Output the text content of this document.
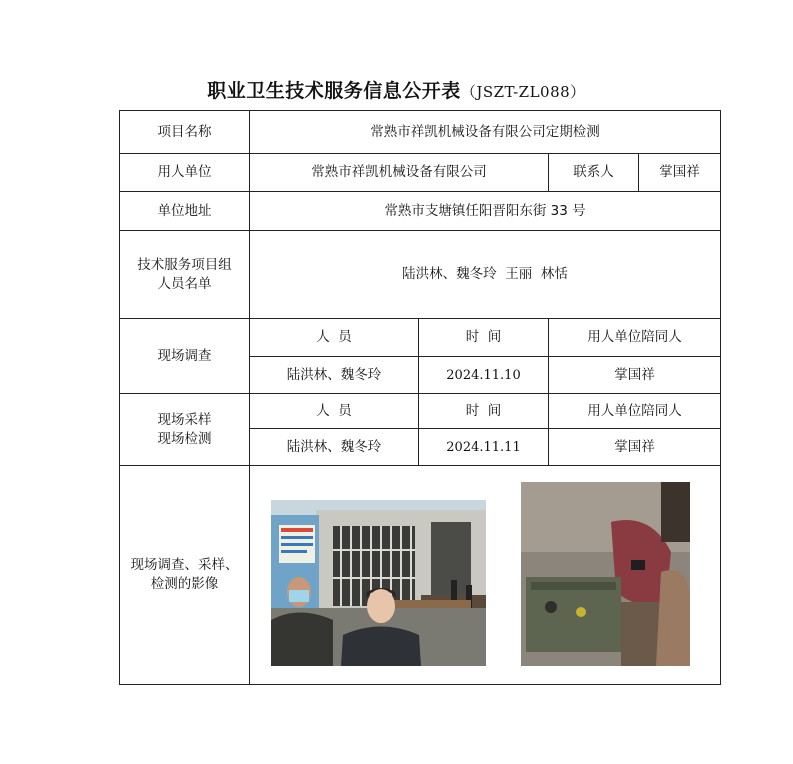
职业卫生技术服务信息公开表（JSZT-ZL088）
项目名称	常熟市祥凯机械设备有限公司定期检测			
用人单位	常熟市祥凯机械设备有限公司		联系人	掌国祥
单位地址	常熟市支塘镇任阳晋阳东街 33 号			

技术服务项目组
人员名单	陆洪林、魏冬玲  王丽  林恬			
现场调查	人  员	时  间	用人单位陪同人	
	陆洪林、魏冬玲	2024.11.10	掌国祥	

现场采样
现场检测	人  员	时  间	用人单位陪同人	
	陆洪林、魏冬玲	2024.11.11	掌国祥	

现场调查、采样、
检测的影像
